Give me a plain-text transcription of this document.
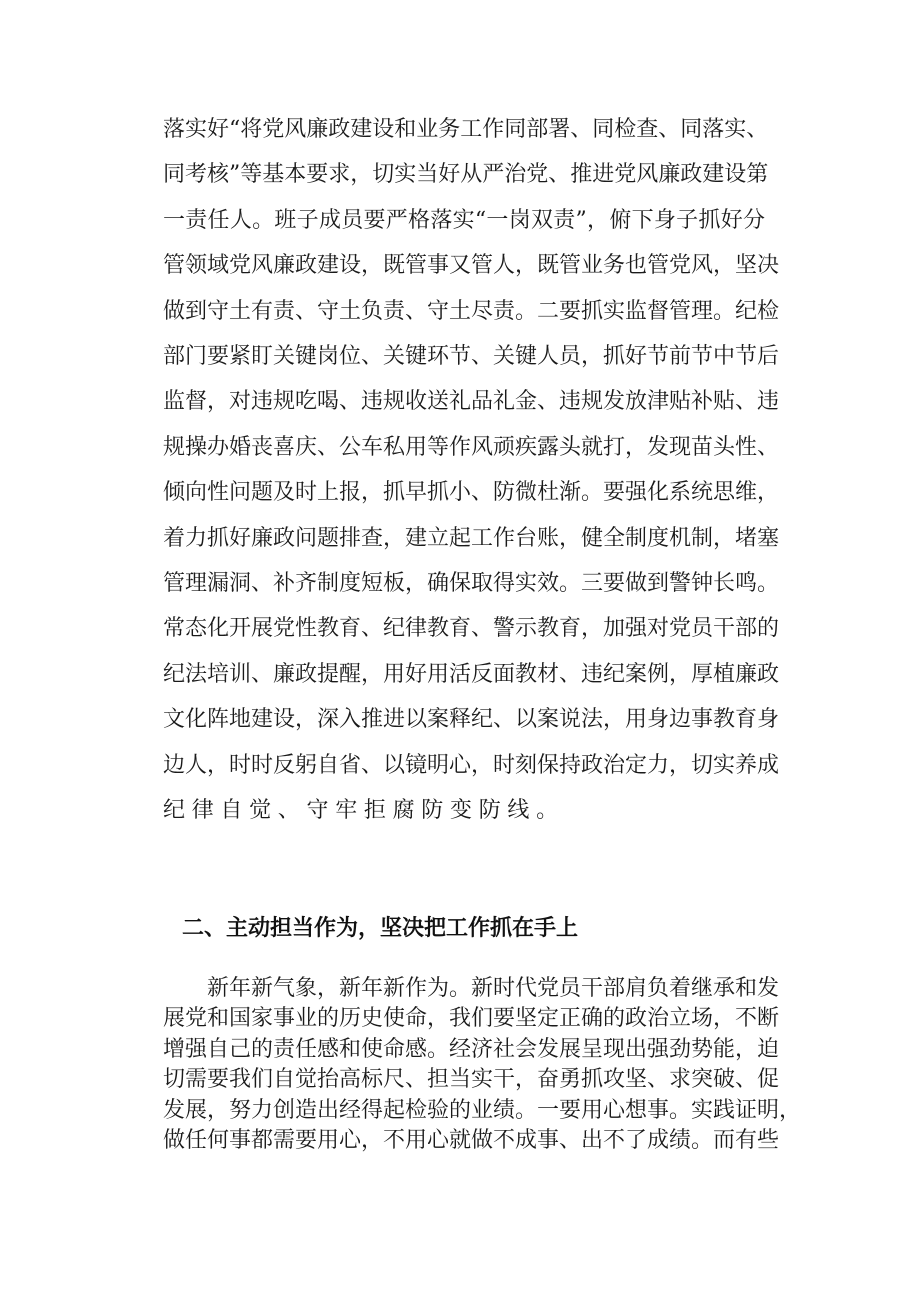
落实好“将党风廉政建设和业务工作同部署、同检查、同落实、
同考核”等基本要求，切实当好从严治党、推进党风廉政建设第
一责任人。班子成员要严格落实“一岗双责”，俯下身子抓好分
管领域党风廉政建设，既管事又管人，既管业务也管党风，坚决
做到守土有责、守土负责、守土尽责。二要抓实监督管理。纪检
部门要紧盯关键岗位、关键环节、关键人员，抓好节前节中节后
监督，对违规吃喝、违规收送礼品礼金、违规发放津贴补贴、违
规操办婚丧喜庆、公车私用等作风顽疾露头就打，发现苗头性、
倾向性问题及时上报，抓早抓小、防微杜渐。要强化系统思维，
着力抓好廉政问题排查，建立起工作台账，健全制度机制，堵塞
管理漏洞、补齐制度短板，确保取得实效。三要做到警钟长鸣。
常态化开展党性教育、纪律教育、警示教育，加强对党员干部的
纪法培训、廉政提醒，用好用活反面教材、违纪案例，厚植廉政
文化阵地建设，深入推进以案释纪、以案说法，用身边事教育身
边人，时时反躬自省、以镜明心，时刻保持政治定力，切实养成
纪律自觉、守牢拒腐防变防线。
二、主动担当作为，坚决把工作抓在手上
新年新气象，新年新作为。新时代党员干部肩负着继承和发
展党和国家事业的历史使命，我们要坚定正确的政治立场，不断
增强自己的责任感和使命感。经济社会发展呈现出强劲势能，迫
切需要我们自觉抬高标尺、担当实干，奋勇抓攻坚、求突破、促
发展，努力创造出经得起检验的业绩。一要用心想事。实践证明，
做任何事都需要用心，不用心就做不成事、出不了成绩。而有些
